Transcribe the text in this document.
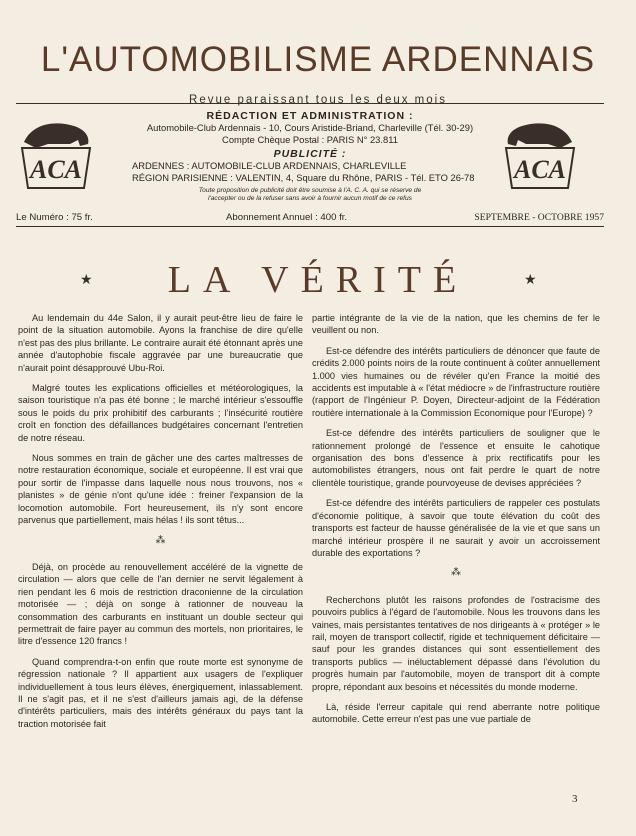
L'AUTOMOBILISME ARDENNAIS
Revue paraissant tous les deux mois
ACA	ACA
RÉDACTION ET ADMINISTRATION :
Automobile-Club Ardennais - 10, Cours Aristide-Briand, Charleville (Tél. 30-29)
Compte Chèque Postal : PARIS N° 23.811
PUBLICITÉ :
ARDENNES : AUTOMOBILE-CLUB ARDENNAIS, CHARLEVILLE
RÉGION PARISIENNE : VALENTIN, 4, Square du Rhône, PARIS - Tél. ETO 26-78
Toute proposition de publicité doit être soumise à l'A. C. A. qui se réserve de
l'accepter ou de la refuser sans avoir à fournir aucun motif de ce refus
Le Numéro : 75 fr.	Abonnement Annuel : 400 fr.	SEPTEMBRE - OCTOBRE 1957
★	LA VÉRITÉ	★

Au lendemain du 44e Salon, il y aurait peut-être lieu de faire le point de la situation automobile. Ayons la franchise de dire qu'elle n'est pas des plus brillante. Le contraire aurait été étonnant après une année d'autophobie fiscale aggravée par une bureaucratie que n'aurait point désapprouvé Ubu-Roi.

Malgré toutes les explications officielles et météorologiques, la saison touristique n'a pas été bonne ; le marché intérieur s'essouffle sous le poids du prix prohibitif des carburants ; l'insécurité routière croît en fonction des défaillances budgétaires concernant l'entretien de notre réseau.

Nous sommes en train de gâcher une des cartes maîtresses de notre restauration économique, sociale et européenne. Il est vrai que pour sortir de l'impasse dans laquelle nous nous trouvons, nos « planistes » de génie n'ont qu'une idée : freiner l'expansion de la locomotion automobile. Fort heureusement, ils n'y sont encore parvenus que partiellement, mais hélas ! ils sont têtus...

⁂

Déjà, on procède au renouvellement accéléré de la vignette de circulation — alors que celle de l'an dernier ne servit légalement à rien pendant les 6 mois de restriction draconienne de la circulation motorisée — ; déjà on songe à rationner de nouveau la consommation des carburants en instituant un double secteur qui permettrait de faire payer au commun des mortels, non prioritaires, le litre d'essence 120 francs !

Quand comprendra-t-on enfin que route morte est synonyme de régression nationale ? Il appartient aux usagers de l'expliquer individuellement à tous leurs élèves, énergiquement, inlassablement. Il ne s'agit pas, et il ne s'est d'ailleurs jamais agi, de la défense d'intérêts particuliers, mais des intérêts généraux du pays tant la traction motorisée fait

partie intégrante de la vie de la nation, que les chemins de fer le veuillent ou non.

Est-ce défendre des intérêts particuliers de dénoncer que faute de crédits 2.000 points noirs de la route continuent à coûter annuellement 1.000 vies humaines ou de révéler qu'en France la moitié des accidents est imputable à « l'état médiocre » de l'infrastructure routière (rapport de l'Ingénieur P. Doyen, Directeur-adjoint de la Fédération routière internationale à la Commission Economique pour l'Europe) ?

Est-ce défendre des intérêts particuliers de souligner que le rationnement prolongé de l'essence et ensuite le cahotique organisation des bons d'essence à prix rectificatifs pour les automobilistes étrangers, nous ont fait perdre le quart de notre clientèle touristique, grande pourvoyeuse de devises appréciées ?

Est-ce défendre des intérêts particuliers de rappeler ces postulats d'économie politique, à savoir que toute élévation du coût des transports est facteur de hausse généralisée de la vie et que sans un marché intérieur prospère il ne saurait y avoir un accroissement durable des exportations ?

⁂

Recherchons plutôt les raisons profondes de l'ostracisme des pouvoirs publics à l'égard de l'automobile. Nous les trouvons dans les vaines, mais persistantes tentatives de nos dirigeants à « protéger » le rail, moyen de transport collectif, rigide et techniquement déficitaire — sauf pour les grandes distances qui sont essentiellement des transports publics — inéluctablement dépassé dans l'évolution du progrès humain par l'automobile, moyen de transport dit à compte propre, répondant aux besoins et nécessités du monde moderne.

Là, réside l'erreur capitale qui rend aberrante notre politique automobile. Cette erreur n'est pas une vue partiale de

3
